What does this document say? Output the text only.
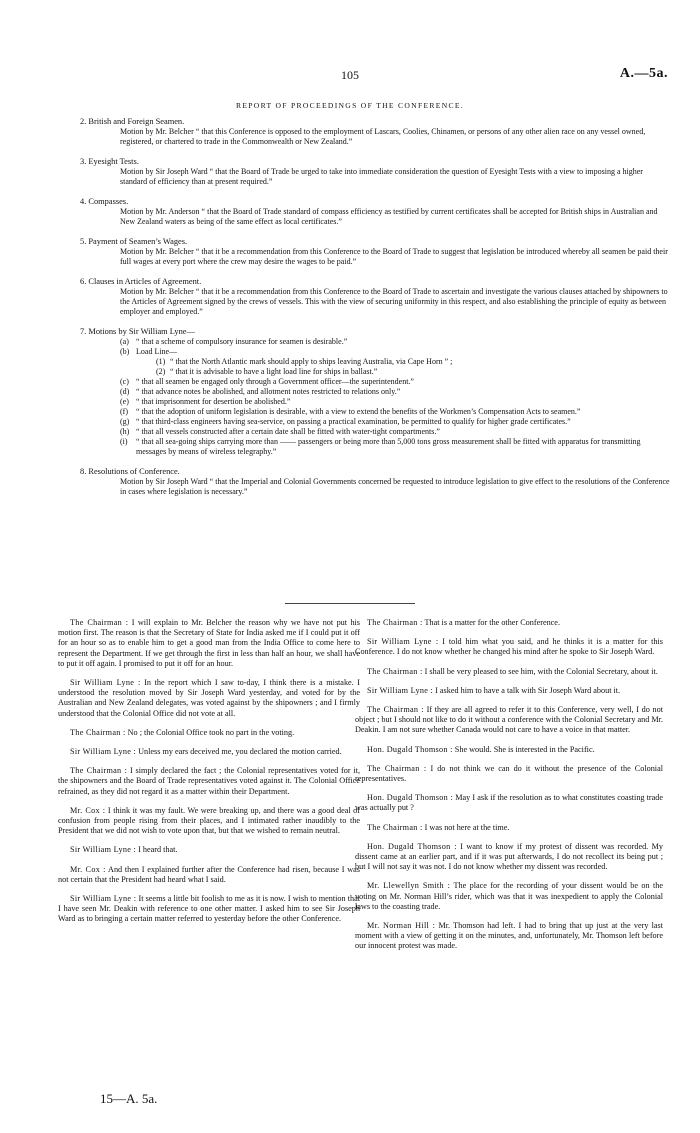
105	A.—5a.
REPORT OF PROCEEDINGS OF THE CONFERENCE.
2. British and Foreign Seamen.
Motion by Mr. Belcher “ that this Conference is opposed to the employment of Lascars, Coolies, Chinamen, or persons of any other alien race on any vessel owned, registered, or chartered to trade in the Commonwealth or New Zealand.”
3. Eyesight Tests.
Motion by Sir Joseph Ward “ that the Board of Trade be urged to take into immediate consideration the question of Eyesight Tests with a view to imposing a higher standard of efficiency than at present required.”
4. Compasses.
Motion by Mr. Anderson “ that the Board of Trade standard of compass efficiency as testified by current certificates shall be accepted for British ships in Australian and New Zealand waters as being of the same effect as local certificates.”
5. Payment of Seamen’s Wages.
Motion by Mr. Belcher “ that it be a recommendation from this Conference to the Board of Trade to suggest that legislation be introduced whereby all seamen be paid their full wages at every port where the crew may desire the wages to be paid.”
6. Clauses in Articles of Agreement.
Motion by Mr. Belcher “ that it be a recommendation from this Conference to the Board of Trade to ascertain and investigate the various clauses attached by shipowners to the Articles of Agreement signed by the crews of vessels. This with the view of securing uniformity in this respect, and also establishing the principle of equity as between employer and employed.”
7. Motions by Sir William Lyne—
(a) “ that a scheme of compulsory insurance for seamen is desirable.”
(b) Load Line—
(1) “ that the North Atlantic mark should apply to ships leaving Australia, via Cape Horn ” ;
(2) “ that it is advisable to have a light load line for ships in ballast.”
(c) “ that all seamen be engaged only through a Government officer—the superintendent.”
(d) “ that advance notes be abolished, and allotment notes restricted to relations only.”
(e) “ that imprisonment for desertion be abolished.”
(f)	“ that the adoption of uniform legislation is desirable, with a view to extend the benefits of the Workmen’s Compensation Acts to seamen.”
(g) “ that third-class engineers having sea-service, on passing a practical examination, be permitted to qualify for higher grade certificates.”
(h) “ that all vessels constructed after a certain date shall be fitted with water-tight compartments.”
(i)	“ that all sea-going ships carrying more than —— passengers or being more than 5,000 tons gross measurement shall be fitted with apparatus for transmitting messages by means of wireless telegraphy.”
8. Resolutions of Conference.
Motion by Sir Joseph Ward “ that the Imperial and Colonial Governments concerned be requested to introduce legislation to give effect to the resolutions of the Conference in cases where legislation is necessary.”

The Chairman : I will explain to Mr. Belcher the reason why we have not put his motion first. The reason is that the Secretary of State for India asked me if I could put it off for an hour so as to enable him to get a good man from the India Office to come here to represent the Department. If we get through the first in less than half an hour, we shall have to put it off again. I promised to put it off for an hour.

Sir William Lyne : In the report which I saw to-day, I think there is a mistake. I understood the resolution moved by Sir Joseph Ward yesterday, and voted for by the Australian and New Zealand delegates, was voted against by the shipowners ; and I firmly understood that the Colonial Office did not vote at all.

The Chairman : No ; the Colonial Office took no part in the voting.

Sir William Lyne : Unless my ears deceived me, you declared the motion carried.

The Chairman : I simply declared the fact ; the Colonial representatives voted for it, the shipowners and the Board of Trade representatives voted against it. The Colonial Office refrained, as they did not regard it as a matter within their Department.

Mr. Cox : I think it was my fault. We were breaking up, and there was a good deal of confusion from people rising from their places, and I intimated rather inaudibly to the President that we did not wish to vote upon that, but that we wished to remain neutral.

Sir William Lyne : I heard that.

Mr. Cox : And then I explained further after the Conference had risen, because I was not certain that the President had heard what I said.

Sir William Lyne : It seems a little bit foolish to me as it is now. I wish to mention that I have seen Mr. Deakin with reference to one other matter. I asked him to see Sir Joseph Ward as to bringing a certain matter referred to yesterday before the other Conference.

The Chairman : That is a matter for the other Conference.

Sir William Lyne : I told him what you said, and he thinks it is a matter for this Conference. I do not know whether he changed his mind after he spoke to Sir Joseph Ward.

The Chairman : I shall be very pleased to see him, with the Colonial Secretary, about it.

Sir William Lyne : I asked him to have a talk with Sir Joseph Ward about it.

The Chairman : If they are all agreed to refer it to this Conference, very well, I do not object ; but I should not like to do it without a conference with the Colonial Secretary and Mr. Deakin. I am not sure whether Canada would not care to have a voice in that matter.

Hon. Dugald Thomson : She would. She is interested in the Pacific.

The Chairman : I do not think we can do it without the presence of the Colonial representatives.

Hon. Dugald Thomson : May I ask if the resolution as to what constitutes coasting trade was actually put ?

The Chairman : I was not here at the time.

Hon. Dugald Thomson : I want to know if my protest of dissent was recorded. My dissent came at an earlier part, and if it was put afterwards, I do not recollect its being put ; but I will not say it was not. I do not know whether my dissent was recorded.

Mr. Llewellyn Smith : The place for the recording of your dissent would be on the voting on Mr. Norman Hill’s rider, which was that it was inexpedient to apply the Colonial laws to the coasting trade.

Mr. Norman Hill : Mr. Thomson had left. I had to bring that up just at the very last moment with a view of getting it on the minutes, and, unfortunately, Mr. Thomson left before our innocent protest was made.

15—A. 5a.
